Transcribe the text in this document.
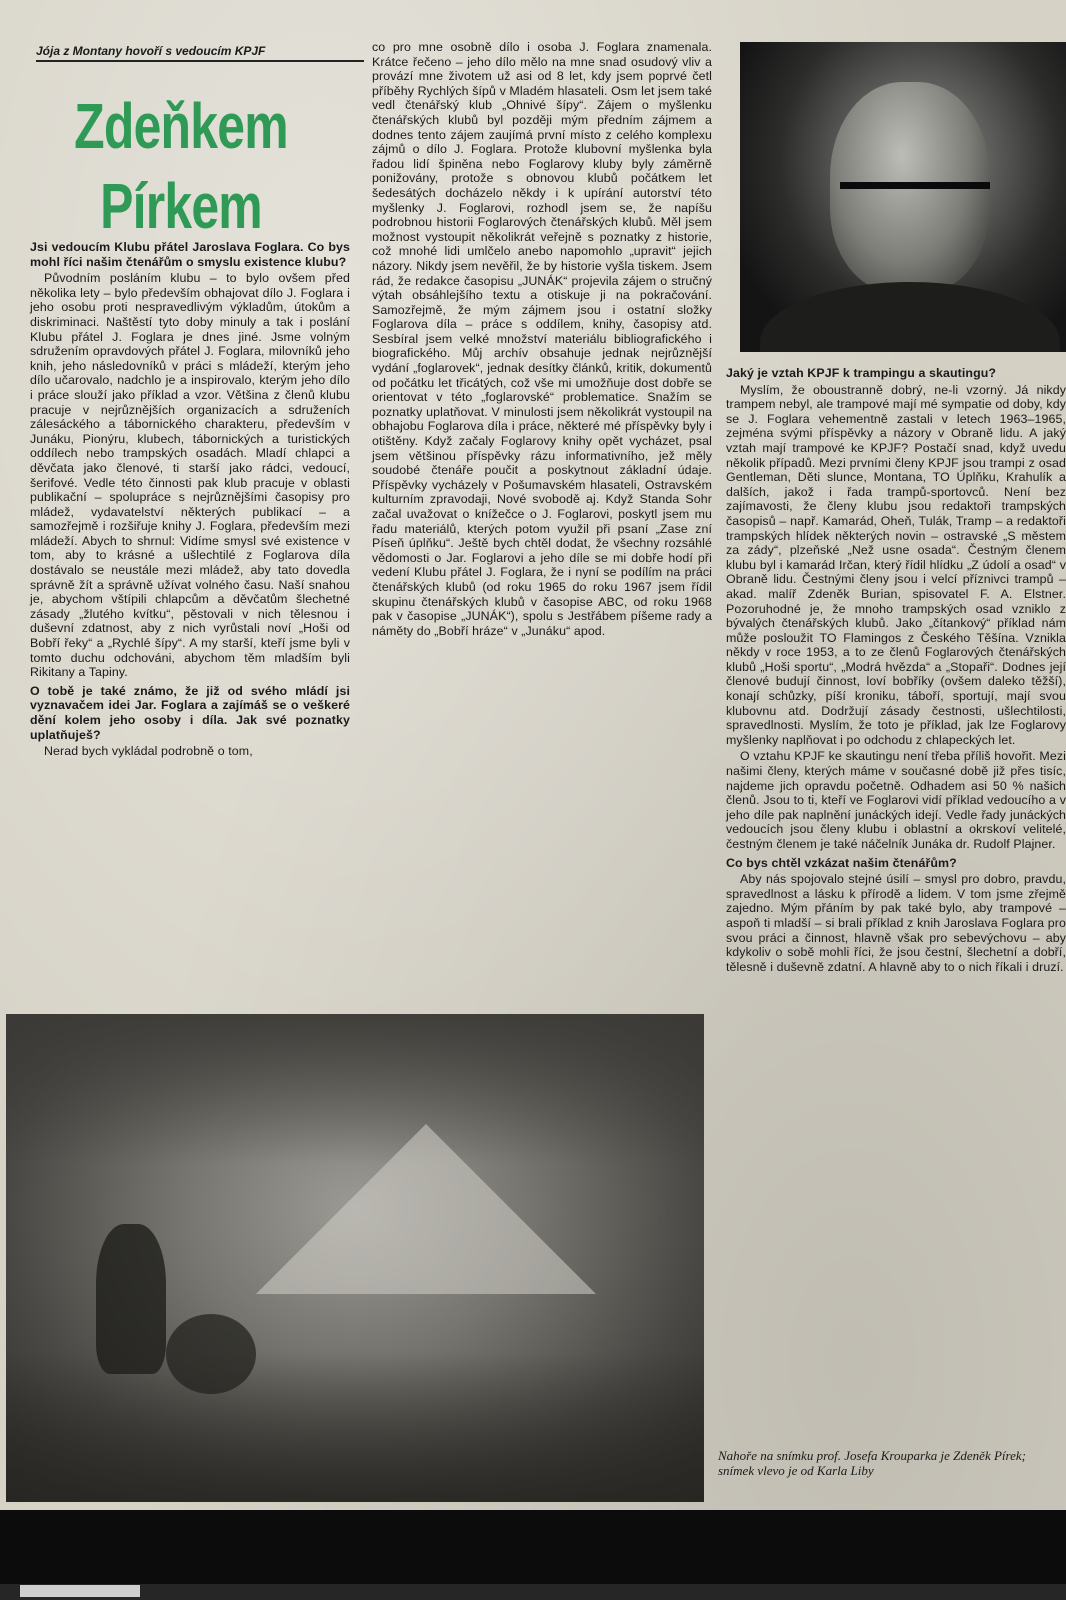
Jója z Montany hovoří s vedoucím KPJF
Zdeňkem
Pírkem

Jsi vedoucím Klubu přátel Jaroslava Foglara. Co bys mohl říci našim čtenářům o smyslu existence klubu?

Původním posláním klubu – to bylo ovšem před několika lety – bylo především obhajovat dílo J. Foglara i jeho osobu proti nespravedlivým výkladům, útokům a diskriminaci. Naštěstí tyto doby minuly a tak i poslání Klubu přátel J. Foglara je dnes jiné. Jsme volným sdružením opravdových přátel J. Foglara, milovníků jeho knih, jeho následovníků v práci s mládeží, kterým jeho dílo učarovalo, nadchlo je a inspirovalo, kterým jeho dílo i práce slouží jako příklad a vzor. Většina z členů klubu pracuje v nejrůznějších organizacích a sdruženích zálesáckého a tábornického charakteru, především v Junáku, Pionýru, klubech, tábornických a turistických oddílech nebo trampských osadách. Mladí chlapci a děvčata jako členové, ti starší jako rádci, vedoucí, šerifové. Vedle této činnosti pak klub pracuje v oblasti publikační – spolupráce s nejrůznějšími časopisy pro mládež, vydavatelství některých publikací – a samozřejmě i rozšiřuje knihy J. Foglara, především mezi mládeží. Abych to shrnul: Vidíme smysl své existence v tom, aby to krásné a ušlechtilé z Foglarova díla dostávalo se neustále mezi mládež, aby tato dovedla správně žít a správně užívat volného času. Naší snahou je, abychom vštípili chlapcům a děvčatům šlechetné zásady „žlutého kvítku“, pěstovali v nich tělesnou i duševní zdatnost, aby z nich vyrůstali noví „Hoši od Bobří řeky“ a „Rychlé šípy“. A my starší, kteří jsme byli v tomto duchu odchováni, abychom těm mladším byli Rikitany a Tapiny.

O tobě je také známo, že již od svého mládí jsi vyznavačem idei Jar. Foglara a zajímáš se o veškeré dění kolem jeho osoby i díla. Jak své poznatky uplatňuješ?

Nerad bych vykládal podrobně o tom,

co pro mne osobně dílo i osoba J. Foglara znamenala. Krátce řečeno – jeho dílo mělo na mne snad osudový vliv a provází mne životem už asi od 8 let, kdy jsem poprvé četl příběhy Rychlých šípů v Mladém hlasateli. Osm let jsem také vedl čtenářský klub „Ohnivé šípy“. Zájem o myšlenku čtenářských klubů byl později mým předním zájmem a dodnes tento zájem zaujímá první místo z celého komplexu zájmů o dílo J. Foglara. Protože klubovní myšlenka byla řadou lidí špiněna nebo Foglarovy kluby byly záměrně ponižovány, protože s obnovou klubů počátkem let šedesátých docházelo někdy i k upírání autorství této myšlenky J. Foglarovi, rozhodl jsem se, že napíšu podrobnou historii Foglarových čtenářských klubů. Měl jsem možnost vystoupit několikrát veřejně s poznatky z historie, což mnohé lidi umlčelo anebo napomohlo „upravit“ jejich názory. Nikdy jsem nevěřil, že by historie vyšla tiskem. Jsem rád, že redakce časopisu „JUNÁK“ projevila zájem o stručný výtah obsáhlejšího textu a otiskuje ji na pokračování. Samozřejmě, že mým zájmem jsou i ostatní složky Foglarova díla – práce s oddílem, knihy, časopisy atd. Sesbíral jsem velké množství materiálu bibliografického i biografického. Můj archív obsahuje jednak nejrůznější vydání „foglarovek“, jednak desítky článků, kritik, dokumentů od počátku let třicátých, což vše mi umožňuje dost dobře se orientovat v této „foglarovské“ problematice. Snažím se poznatky uplatňovat. V minulosti jsem několikrát vystoupil na obhajobu Foglarova díla i práce, některé mé příspěvky byly i otištěny. Když začaly Foglarovy knihy opět vycházet, psal jsem většinou příspěvky rázu informativního, jež měly soudobé čtenáře poučit a poskytnout základní údaje. Příspěvky vycházely v Pošumavském hlasateli, Ostravském kulturním zpravodaji, Nové svobodě aj. Když Standa Sohr začal uvažovat o knížečce o J. Foglarovi, poskytl jsem mu řadu materiálů, kterých potom využil při psaní „Zase zní Píseň úplňku“. Ještě bych chtěl dodat, že všechny rozsáhlé vědomosti o Jar. Foglarovi a jeho díle se mi dobře hodí při vedení Klubu přátel J. Foglara, že i nyní se podílím na práci čtenářských klubů (od roku 1965 do roku 1967 jsem řídil skupinu čtenářských klubů v časopise ABC, od roku 1968 pak v časopise „JUNÁK“), spolu s Jestřábem píšeme rady a náměty do „Bobří hráze“ v „Junáku“ apod.

Jaký je vztah KPJF k trampingu a skautingu?

Myslím, že oboustranně dobrý, ne-li vzorný. Já nikdy trampem nebyl, ale trampové mají mé sympatie od doby, kdy se J. Foglara vehementně zastali v letech 1963–1965, zejména svými příspěvky a názory v Obraně lidu. A jaký vztah mají trampové ke KPJF? Postačí snad, když uvedu několik případů. Mezi prvními členy KPJF jsou trampi z osad Gentleman, Děti slunce, Montana, TO Úplňku, Krahulík a dalších, jakož i řada trampů-sportovců. Není bez zajímavosti, že členy klubu jsou redaktoři trampských časopisů – např. Kamarád, Oheň, Tulák, Tramp – a redaktoři trampských hlídek některých novin – ostravské „S městem za zády“, plzeňské „Než usne osada“. Čestným členem klubu byl i kamarád Irčan, který řídil hlídku „Z údolí a osad“ v Obraně lidu. Čestnými členy jsou i velcí příznivci trampů – akad. malíř Zdeněk Burian, spisovatel F. A. Elstner. Pozoruhodné je, že mnoho trampských osad vzniklo z bývalých čtenářských klubů. Jako „čítankový“ příklad nám může posloužit TO Flamingos z Českého Těšína. Vznikla někdy v roce 1953, a to ze členů Foglarových čtenářských klubů „Hoši sportu“, „Modrá hvězda“ a „Stopaři“. Dodnes její členové budují činnost, loví bobříky (ovšem daleko těžší), konají schůzky, píší kroniku, táboří, sportují, mají svou klubovnu atd. Dodržují zásady čestnosti, ušlechtilosti, spravedlnosti. Myslím, že toto je příklad, jak lze Foglarovy myšlenky naplňovat i po odchodu z chlapeckých let.

O vztahu KPJF ke skautingu není třeba příliš hovořit. Mezi našimi členy, kterých máme v současné době již přes tisíc, najdeme jich opravdu početně. Odhadem asi 50 % našich členů. Jsou to ti, kteří ve Foglarovi vidí příklad vedoucího a v jeho díle pak naplnění junáckých idejí. Vedle řady junáckých vedoucích jsou členy klubu i oblastní a okrskoví velitelé, čestným členem je také náčelník Junáka dr. Rudolf Plajner.

Co bys chtěl vzkázat našim čtenářům?

Aby nás spojovalo stejné úsilí – smysl pro dobro, pravdu, spravedlnost a lásku k přírodě a lidem. V tom jsme zřejmě zajedno. Mým přáním by pak také bylo, aby trampové – aspoň ti mladší – si brali příklad z knih Jaroslava Foglara pro svou práci a činnost, hlavně však pro sebevýchovu – aby kdykoliv o sobě mohli říci, že jsou čestní, šlechetní a dobří, tělesně i duševně zdatní. A hlavně aby to o nich říkali i druzí.

Nahoře na snímku prof. Josefa Krouparka je Zdeněk Pírek; snímek vlevo je od Karla Liby
